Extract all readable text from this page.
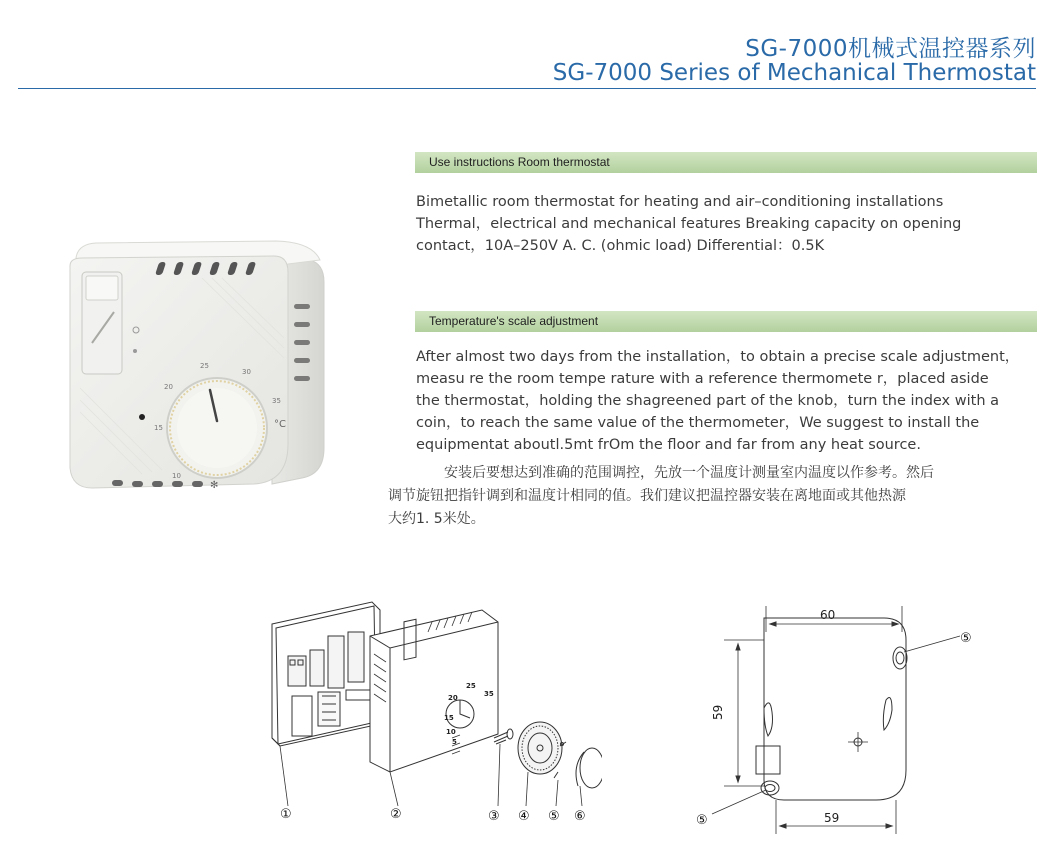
SG-7000机械式温控器系列
SG-7000 Series of Mechanical Thermostat
10
15
20
25
30
35
°C
✻
Use instructions Room thermostat

Bimetallic room thermostat for heating and air–conditioning installations
Thermal，electrical and mechanical features Breaking capacity on opening
contact，10A–250V A. C. (ohmic load) Differential：0.5K

Temperature's scale adjustment

After almost two days from the installation，to obtain a precise scale adjustment，
measu re the room tempe rature with a reference thermomete r，placed aside
the thermostat，holding the shagreened part of the knob，turn the index with a
coin，to reach the same value of the thermometer，We suggest to install the
equipmentat aboutl.5mt frOm the floor and far from any heat source.

安装后要想达到准确的范围调控，先放一个温度计测量室内温度以作参考。然后
调节旋钮把指针调到和温度计相同的值。我们建议把温控器安装在离地面或其他热源
大约1. 5米处。

5
10
15
20
25
35
①	②	③ ④ ⑤ ⑥
60
59
59
⑤
⑤
